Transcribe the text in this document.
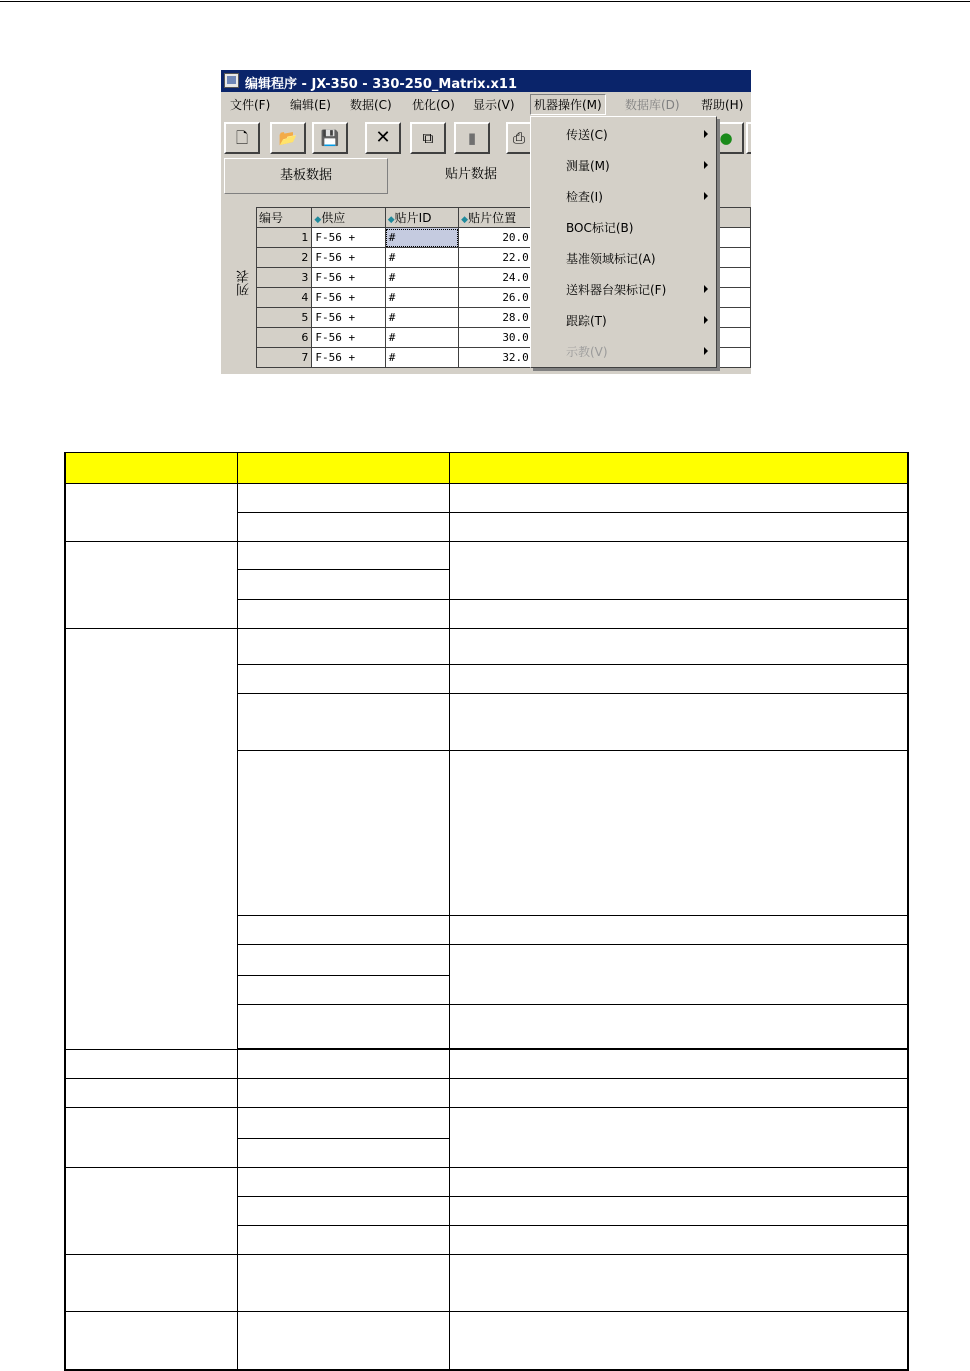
编辑程序 - JX-350 - 330-250_Matrix.x11
文件(F) 编辑(E) 数据(C) 优化(O) 显示(V)	机器操作(M)	数据库(D) 帮助(H)
🗋	📂	💾	✕	⧉	▮	⎙	●
基板数据	贴片数据
列表
编号	◆供应	◆贴片ID	◆贴片位置			
1	F-56 +	#	20.0			
2	F-56 +	#	22.0			
3	F-56 +	#	24.0			
4	F-56 +	#	26.0			
5	F-56 +	#	28.0			
6	F-56 +	#	30.0			
7	F-56 +	#	32.0			
传送(C)
测量(M)
检查(I)
BOC标记(B)
基准领域标记(A)
送料器台架标记(F)
跟踪(T)
示教(V)
